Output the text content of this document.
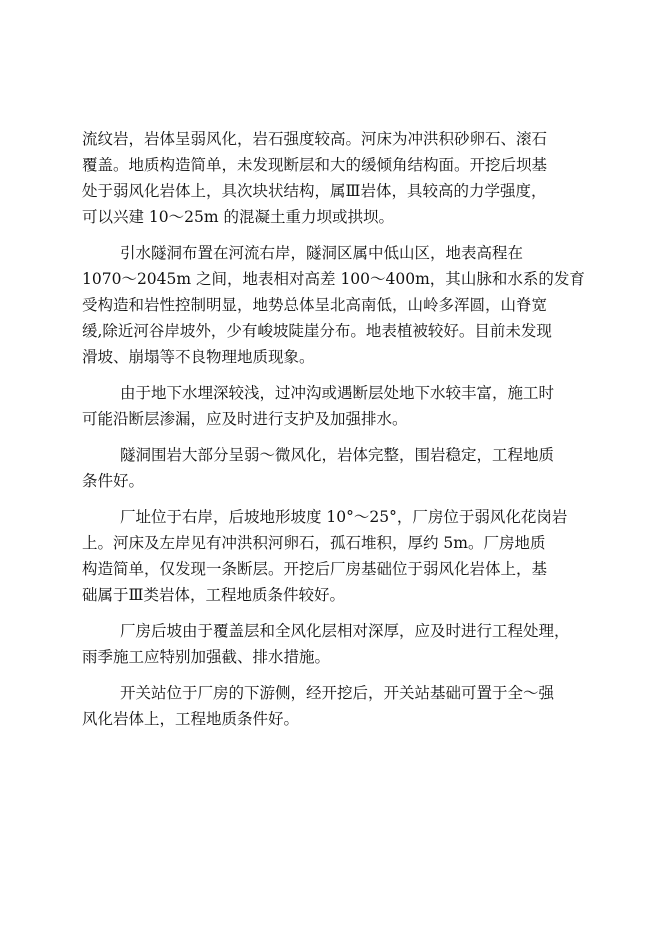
流纹岩，岩体呈弱风化，岩石强度较高。河床为冲洪积砂卵石、滚石
覆盖。地质构造简单，未发现断层和大的缓倾角结构面。开挖后坝基
处于弱风化岩体上，具次块状结构，属Ⅲ岩体，具较高的力学强度，
可以兴建 10～25m 的混凝土重力坝或拱坝。
引水隧洞布置在河流右岸，隧洞区属中低山区，地表高程在
1070～2045m 之间，地表相对高差 100～400m，其山脉和水系的发育
受构造和岩性控制明显，地势总体呈北高南低，山岭多浑圆，山脊宽
缓,除近河谷岸坡外，少有峻坡陡崖分布。地表植被较好。目前未发现
滑坡、崩塌等不良物理地质现象。
由于地下水埋深较浅，过冲沟或遇断层处地下水较丰富，施工时
可能沿断层渗漏，应及时进行支护及加强排水。
隧洞围岩大部分呈弱～微风化，岩体完整，围岩稳定，工程地质
条件好。
厂址位于右岸，后坡地形坡度 10°～25°，厂房位于弱风化花岗岩
上。河床及左岸见有冲洪积河卵石，孤石堆积，厚约 5m。厂房地质
构造简单，仅发现一条断层。开挖后厂房基础位于弱风化岩体上，基
础属于Ⅲ类岩体，工程地质条件较好。
厂房后坡由于覆盖层和全风化层相对深厚，应及时进行工程处理，
雨季施工应特别加强截、排水措施。
开关站位于厂房的下游侧，经开挖后，开关站基础可置于全～强
风化岩体上，工程地质条件好。
